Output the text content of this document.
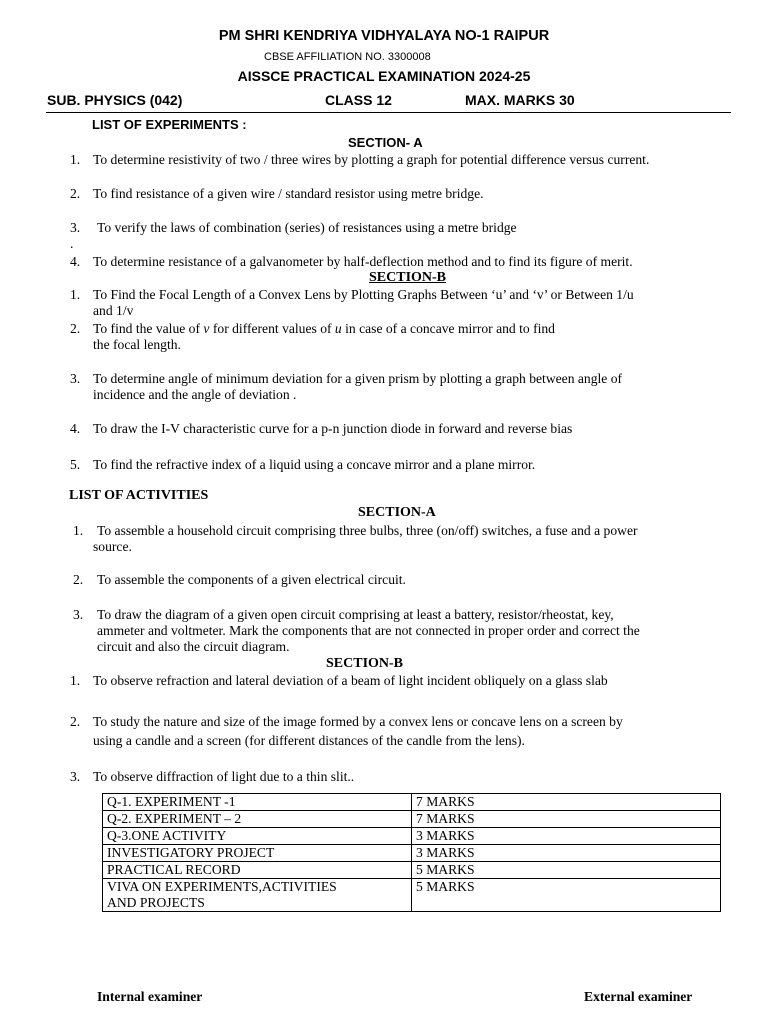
PM SHRI KENDRIYA VIDHYALAYA NO-1 RAIPUR
CBSE AFFILIATION NO. 3300008
AISSCE PRACTICAL EXAMINATION 2024-25
SUB. PHYSICS (042)	CLASS 12	MAX. MARKS 30
LIST OF EXPERIMENTS :
SECTION- A
1. To determine resistivity of two / three wires by plotting a graph for potential difference versus current.
2. To find resistance of a given wire / standard resistor using metre bridge.
3. To verify the laws of combination (series) of resistances using a metre bridge
.
4. To determine resistance of a galvanometer by half-deflection method and to find its figure of merit.
SECTION-B
1. To Find the Focal Length of a Convex Lens by Plotting Graphs Between ‘u’ and ‘v’ or Between 1/u
and 1/v
2. To find the value of v for different values of u in case of a concave mirror and to find
the focal length.
3. To determine angle of minimum deviation for a given prism by plotting a graph between angle of
incidence and the angle of deviation .
4. To draw the I-V characteristic curve for a p-n junction diode in forward and reverse bias
5. To find the refractive index of a liquid using a concave mirror and a plane mirror.
LIST OF ACTIVITIES
SECTION-A
1. To assemble a household circuit comprising three bulbs, three (on/off) switches, a fuse and a power
source.
2. To assemble the components of a given electrical circuit.
3. To draw the diagram of a given open circuit comprising at least a battery, resistor/rheostat, key,
ammeter and voltmeter. Mark the components that are not connected in proper order and correct the
circuit and also the circuit diagram.
SECTION-B
1. To observe refraction and lateral deviation of a beam of light incident obliquely on a glass slab
2. To study the nature and size of the image formed by a convex lens or concave lens on a screen by
using a candle and a screen (for different distances of the candle from the lens).
3. To observe diffraction of light due to a thin slit..
Q-1. EXPERIMENT -1	7 MARKS
Q-2. EXPERIMENT – 2	7 MARKS
Q-3.ONE ACTIVITY	3 MARKS
INVESTIGATORY PROJECT	3 MARKS
PRACTICAL RECORD	5 MARKS

VIVA ON EXPERIMENTS,ACTIVITIES
AND PROJECTS	5 MARKS
Internal examiner	External examiner
